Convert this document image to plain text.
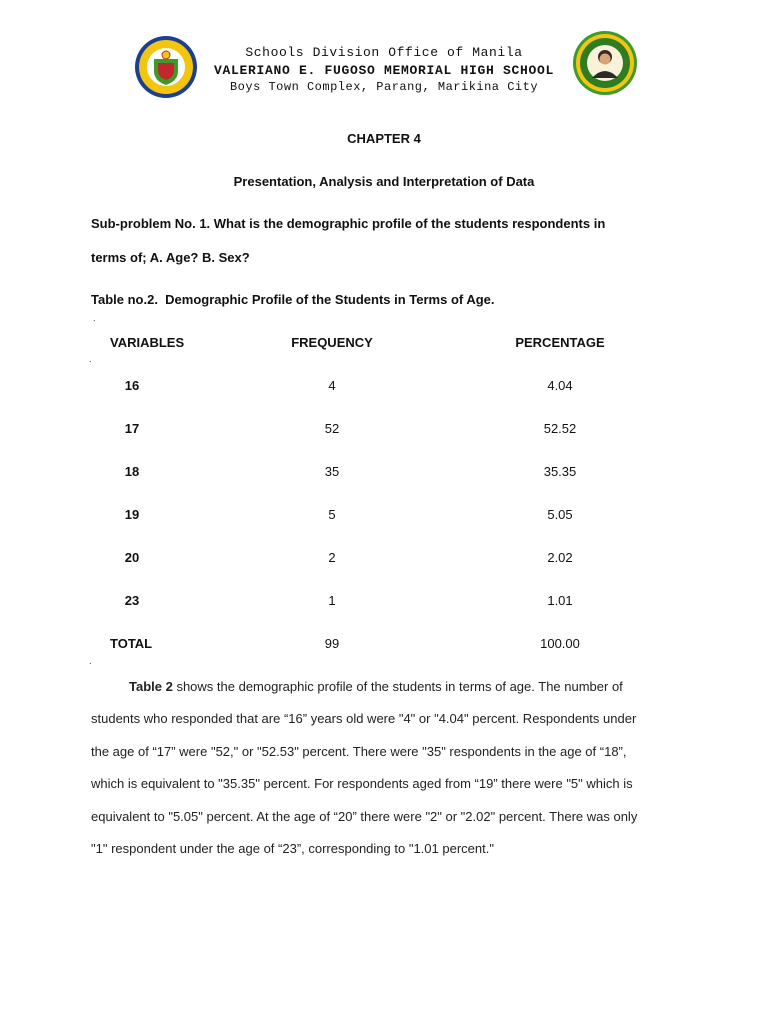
Schools Division Office of Manila
VALERIANO E. FUGOSO MEMORIAL HIGH SCHOOL
Boys Town Complex, Parang, Marikina City
CHAPTER 4
Presentation, Analysis and Interpretation of Data
Sub-problem No. 1. What is the demographic profile of the students respondents in
terms of; A. Age? B. Sex?
Table no.2.  Demographic Profile of the Students in Terms of Age.
.
VARIABLES	FREQUENCY	PERCENTAGE
.
16	4	4.04
17	52	52.52
18	35	35.35
19	5	5.05
20	2	2.02
23	1	1.01
TOTAL	99	100.00
.
Table 2 shows the demographic profile of the students in terms of age. The number of
students who responded that are “16” years old were "4" or "4.04" percent. Respondents under
the age of “17” were "52," or "52.53" percent. There were "35" respondents in the age of “18”,
which is equivalent to "35.35" percent. For respondents aged from “19” there were "5" which is
equivalent to "5.05" percent. At the age of “20” there were "2" or "2.02" percent. There was only
"1" respondent under the age of “23”, corresponding to "1.01 percent."
